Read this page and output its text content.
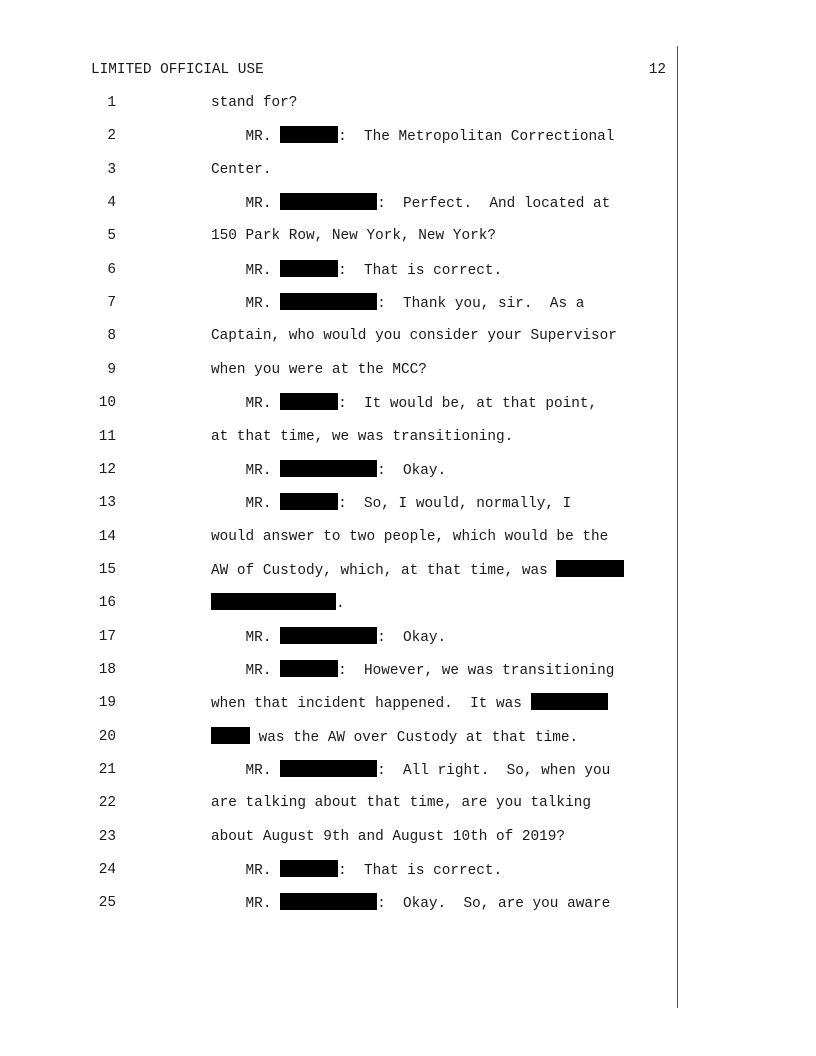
LIMITED OFFICIAL USE	12
1	stand for?
2	MR.	:  The Metropolitan Correctional
3	Center.
4	MR.	:  Perfect.  And located at
5	150 Park Row, New York, New York?
6	MR.	:  That is correct.
7	MR.	:  Thank you, sir.  As a
8	Captain, who would you consider your Supervisor
9	when you were at the MCC?
10	MR.	:  It would be, at that point,
11	at that time, we was transitioning.
12	MR.	:  Okay.
13	MR.	:  So, I would, normally, I
14	would answer to two people, which would be the
15	AW of Custody, which, at that time, was
16	.
17	MR.	:  Okay.
18	MR.	:  However, we was transitioning
19	when that incident happened.  It was
20	was the AW over Custody at that time.
21	MR.	:  All right.  So, when you
22	are talking about that time, are you talking
23	about August 9th and August 10th of 2019?
24	MR.	:  That is correct.
25	MR.	:  Okay.  So, are you aware
